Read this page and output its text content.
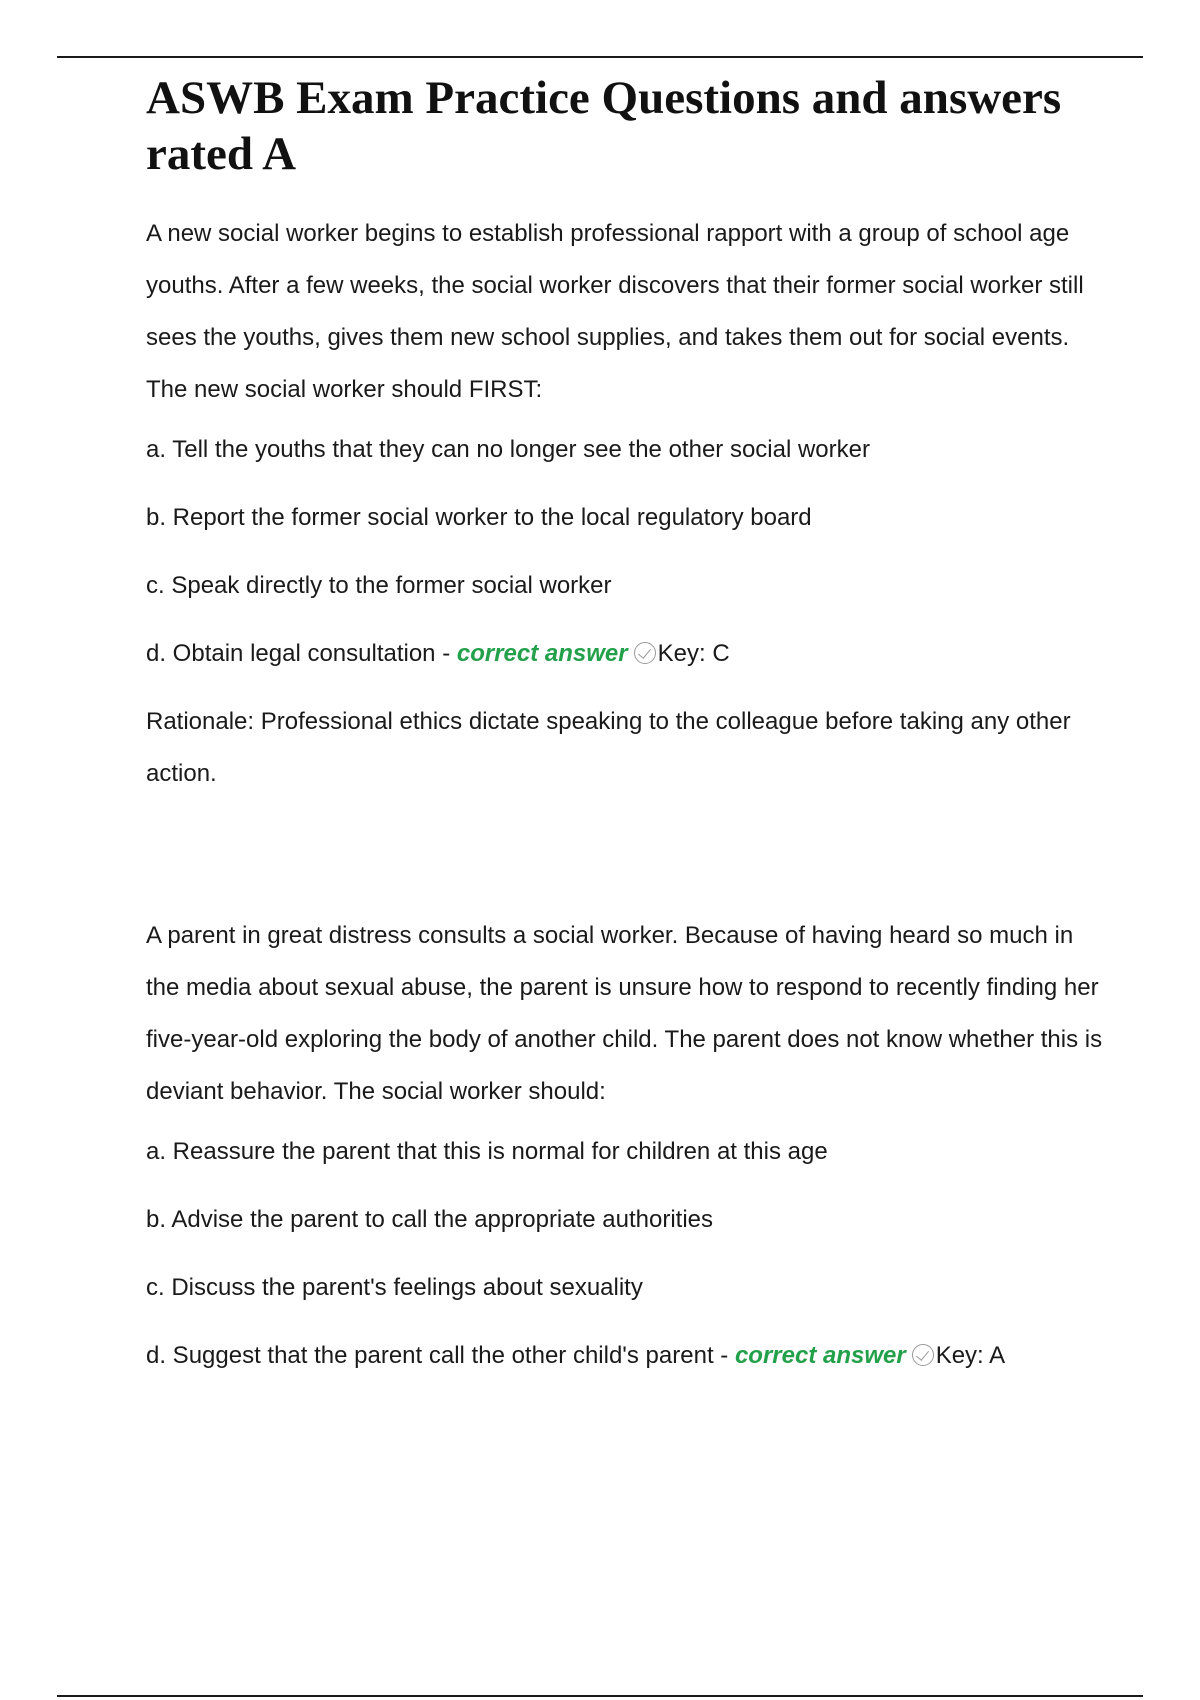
ASWB Exam Practice Questions and answers rated A

A new social worker begins to establish professional rapport with a group of school age youths. After a few weeks, the social worker discovers that their former social worker still sees the youths, gives them new school supplies, and takes them out for social events. The new social worker should FIRST:

a. Tell the youths that they can no longer see the other social worker

b. Report the former social worker to the local regulatory board

c. Speak directly to the former social worker

d. Obtain legal consultation - correct answer Key: C

Rationale: Professional ethics dictate speaking to the colleague before taking any other action.

A parent in great distress consults a social worker. Because of having heard so much in the media about sexual abuse, the parent is unsure how to respond to recently finding her five-year-old exploring the body of another child. The parent does not know whether this is deviant behavior. The social worker should:

a. Reassure the parent that this is normal for children at this age

b. Advise the parent to call the appropriate authorities

c. Discuss the parent's feelings about sexuality

d. Suggest that the parent call the other child's parent - correct answer Key: A
